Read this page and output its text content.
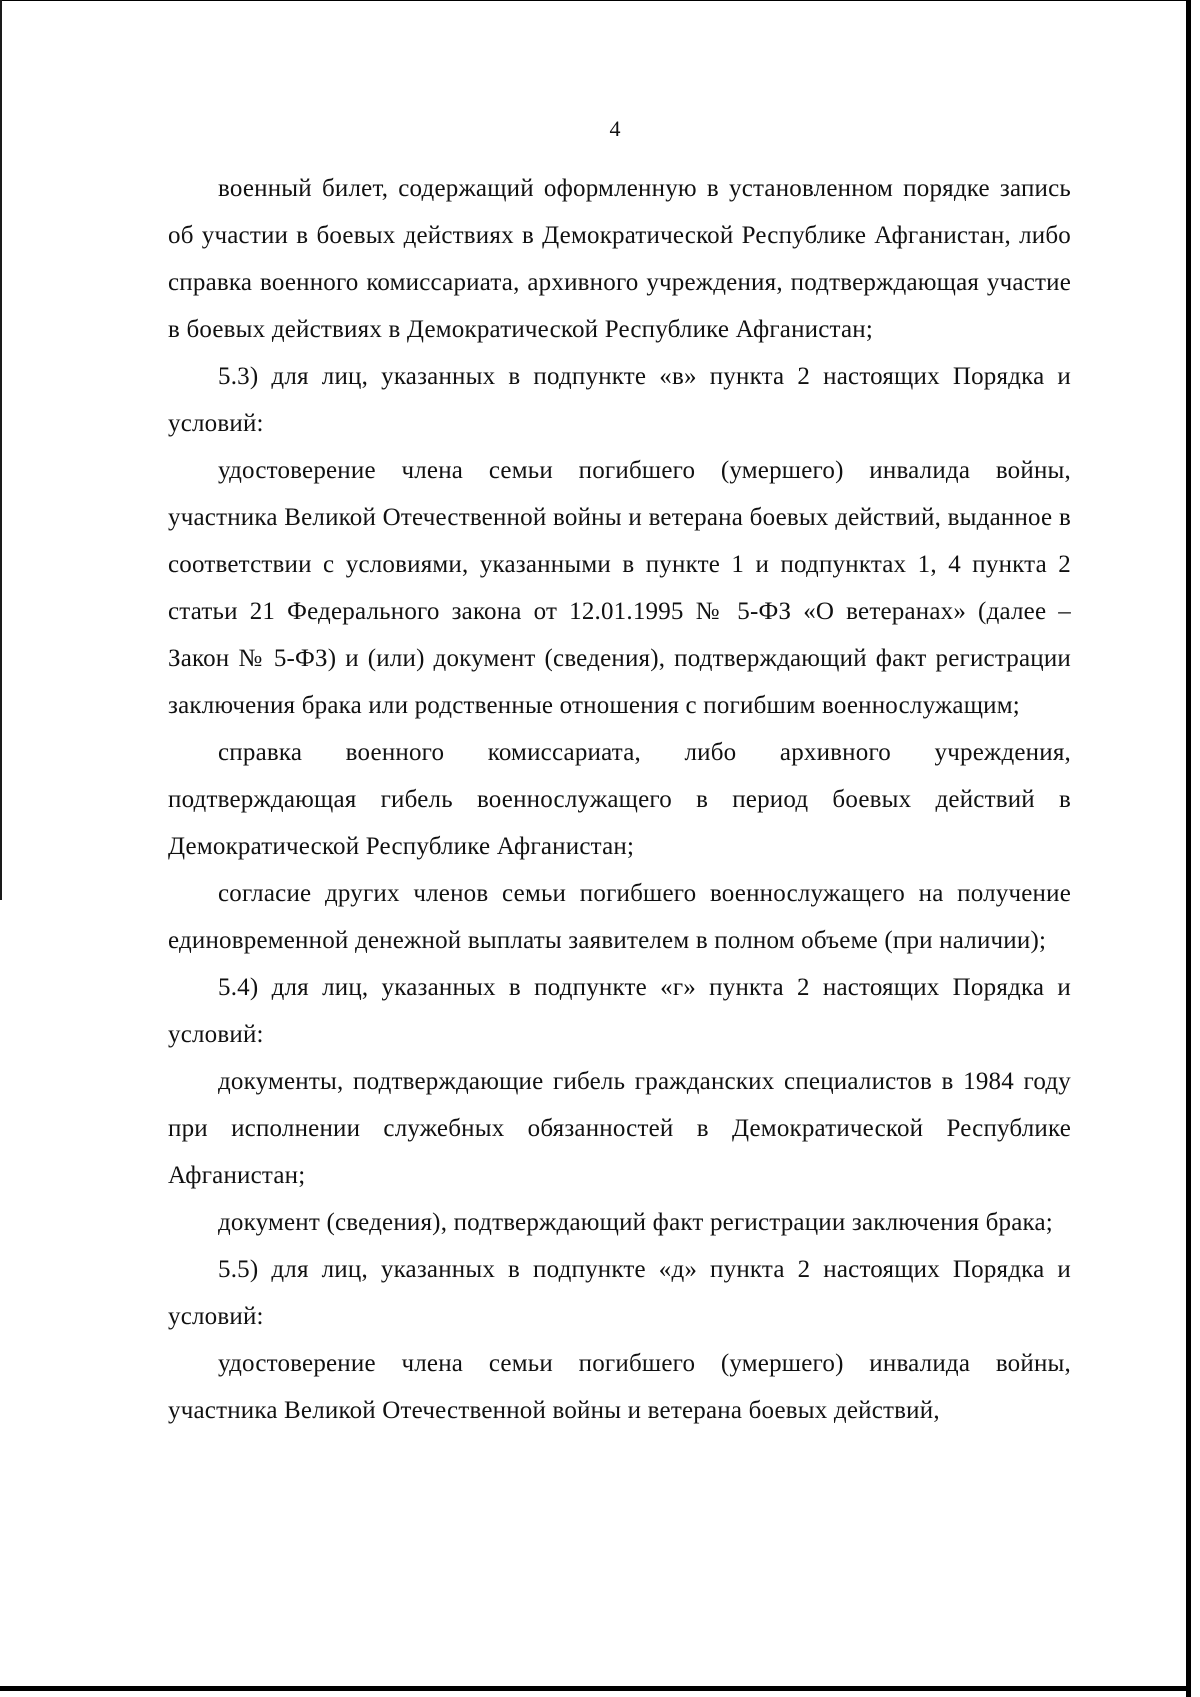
4

военный билет, содержащий оформленную в установленном порядке запись об участии в боевых действиях в Демократической Республике Афганистан, либо справка военного комиссариата, архивного учреждения, подтверждающая участие в боевых действиях в Демократической Республике Афганистан;

5.3) для лиц, указанных в подпункте «в» пункта 2 настоящих Порядка и условий:

удостоверение члена семьи погибшего (умершего) инвалида войны, участника Великой Отечественной войны и ветерана боевых действий, выданное в соответствии с условиями, указанными в пункте 1 и подпунктах 1, 4 пункта 2 статьи 21 Федерального закона от 12.01.1995 № 5-ФЗ «О ветеранах» (далее – Закон № 5-ФЗ) и (или) документ (сведения), подтверждающий факт регистрации заключения брака или родственные отношения с погибшим военнослужащим;

справка военного комиссариата, либо архивного учреждения, подтверждающая гибель военнослужащего в период боевых действий в Демократической Республике Афганистан;

согласие других членов семьи погибшего военнослужащего на получение единовременной денежной выплаты заявителем в полном объеме (при наличии);

5.4) для лиц, указанных в подпункте «г» пункта 2 настоящих Порядка и условий:

документы, подтверждающие гибель гражданских специалистов в 1984 году при исполнении служебных обязанностей в Демократической Республике Афганистан;

документ (сведения), подтверждающий факт регистрации заключения брака;

5.5) для лиц, указанных в подпункте «д» пункта 2 настоящих Порядка и условий:

удостоверение члена семьи погибшего (умершего) инвалида войны, участника Великой Отечественной войны и ветерана боевых действий,
